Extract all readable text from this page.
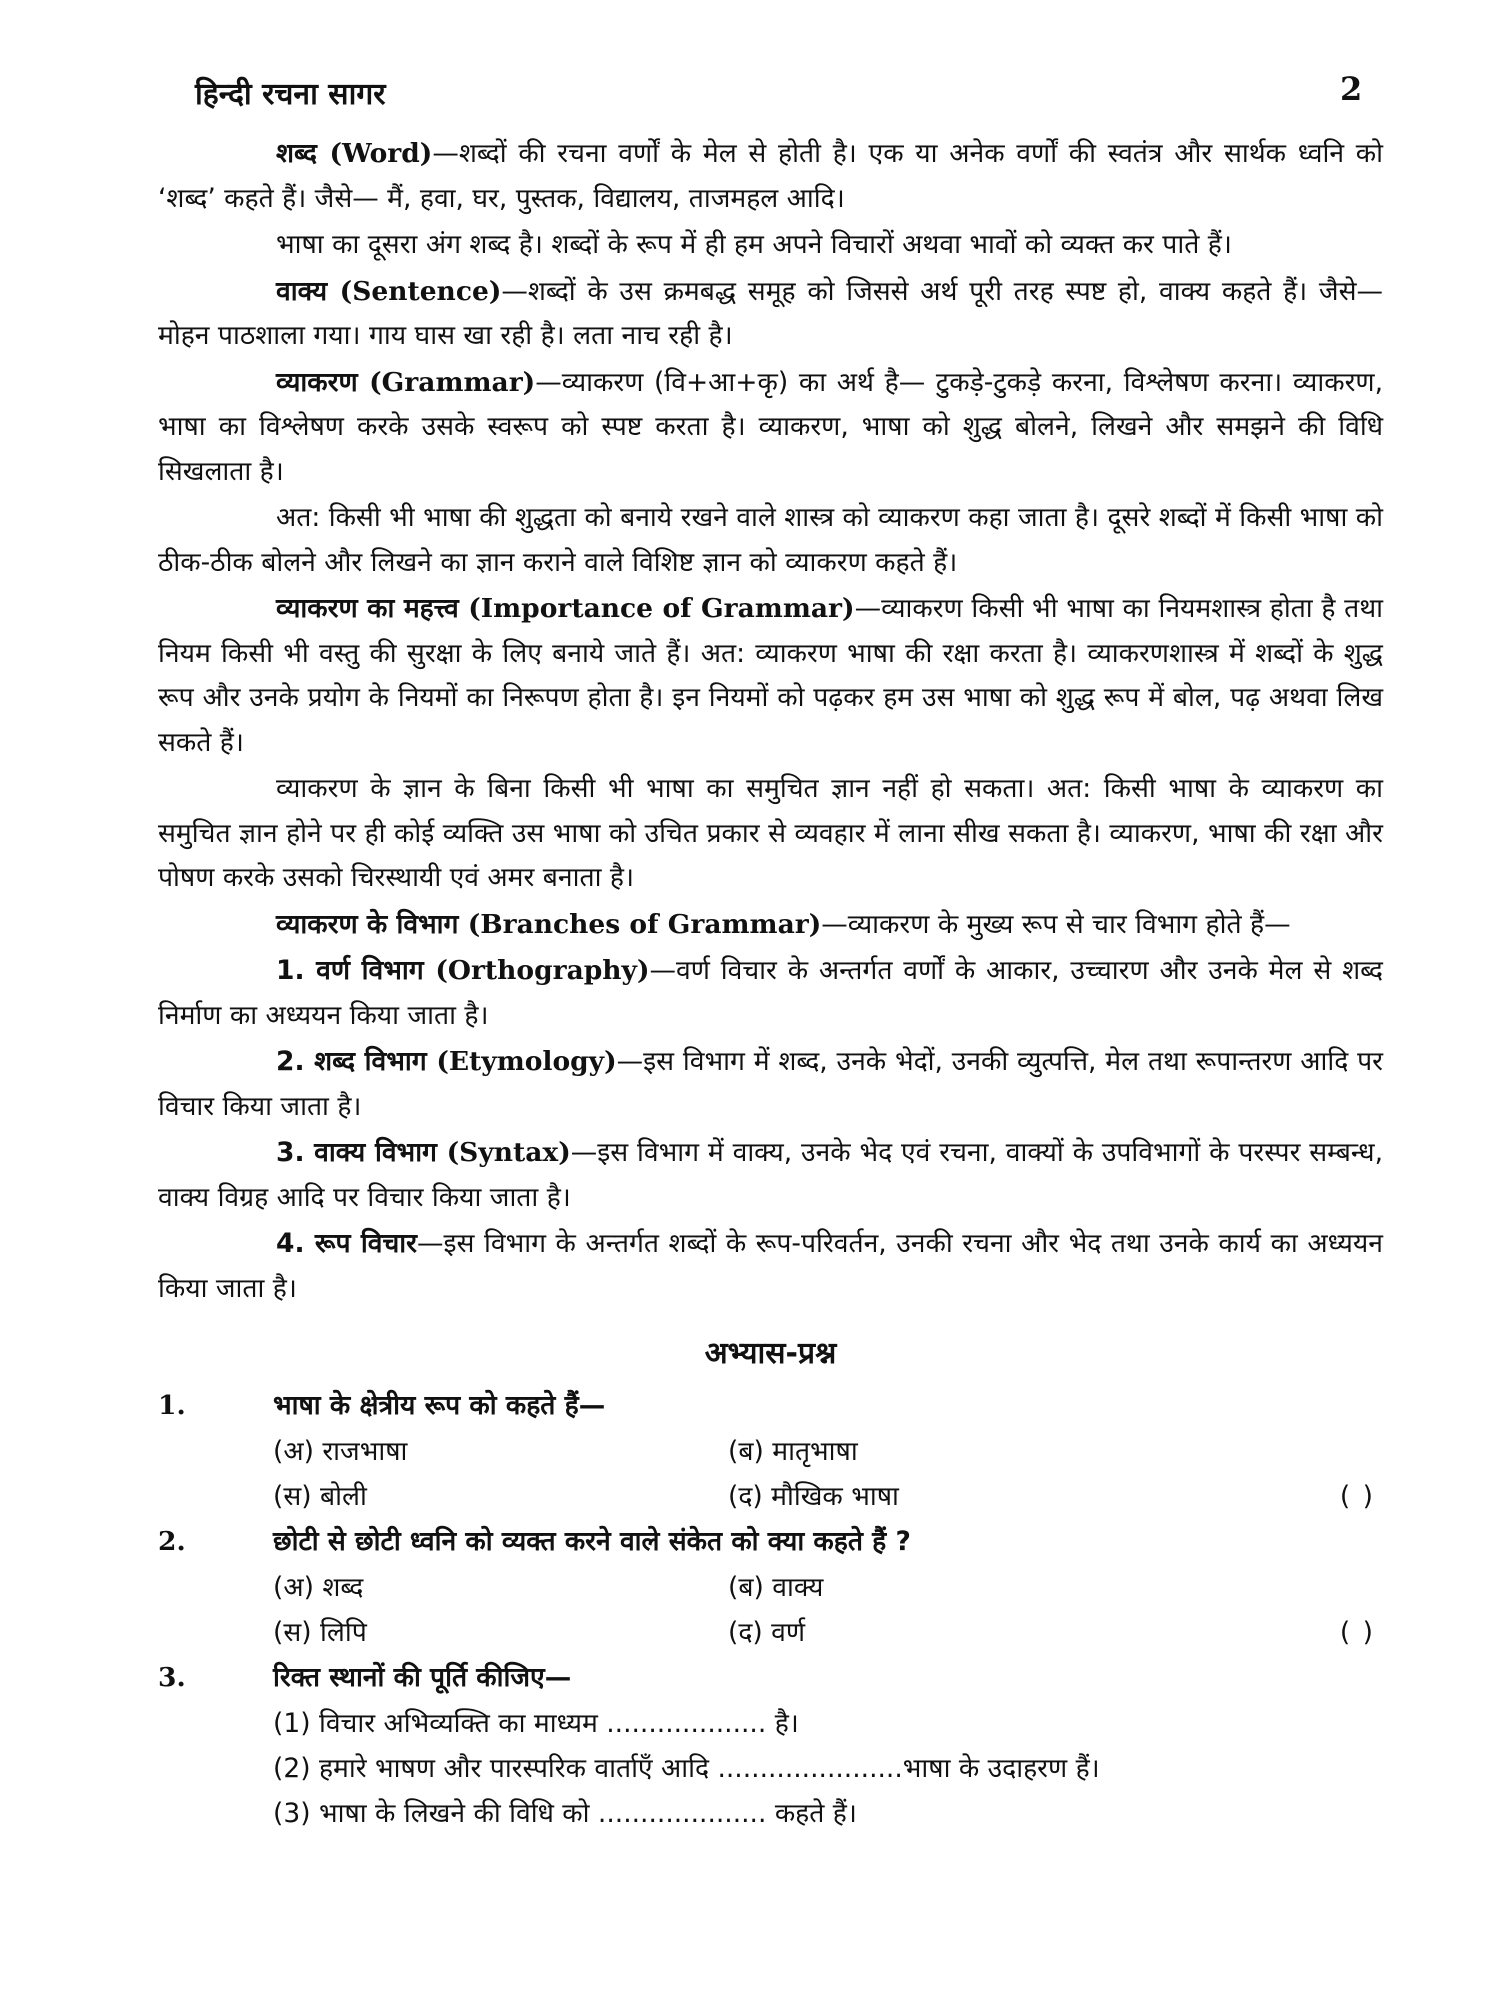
हिन्दी रचना सागर	2

शब्द (Word)—शब्दों की रचना वर्णों के मेल से होती है। एक या अनेक वर्णों की स्वतंत्र और सार्थक ध्वनि को ‘शब्द’ कहते हैं। जैसे— मैं, हवा, घर, पुस्तक, विद्यालय, ताजमहल आदि।

भाषा का दूसरा अंग शब्द है। शब्दों के रूप में ही हम अपने विचारों अथवा भावों को व्यक्त कर पाते हैं।

वाक्य (Sentence)—शब्दों के उस क्रमबद्ध समूह को जिससे अर्थ पूरी तरह स्पष्ट हो, वाक्य कहते हैं। जैसे— मोहन पाठशाला गया। गाय घास खा रही है। लता नाच रही है।

व्याकरण (Grammar)—व्याकरण (वि+आ+कृ) का अर्थ है— टुकड़े-टुकड़े करना, विश्लेषण करना। व्याकरण, भाषा का विश्लेषण करके उसके स्वरूप को स्पष्ट करता है। व्याकरण, भाषा को शुद्ध बोलने, लिखने और समझने की विधि सिखलाता है।

अत: किसी भी भाषा की शुद्धता को बनाये रखने वाले शास्त्र को व्याकरण कहा जाता है। दूसरे शब्दों में किसी भाषा को ठीक-ठीक बोलने और लिखने का ज्ञान कराने वाले विशिष्ट ज्ञान को व्याकरण कहते हैं।

व्याकरण का महत्त्व (Importance of Grammar)—व्याकरण किसी भी भाषा का नियमशास्त्र होता है तथा नियम किसी भी वस्तु की सुरक्षा के लिए बनाये जाते हैं। अत: व्याकरण भाषा की रक्षा करता है। व्याकरणशास्त्र में शब्दों के शुद्ध रूप और उनके प्रयोग के नियमों का निरूपण होता है। इन नियमों को पढ़कर हम उस भाषा को शुद्ध रूप में बोल, पढ़ अथवा लिख सकते हैं।

व्याकरण के ज्ञान के बिना किसी भी भाषा का समुचित ज्ञान नहीं हो सकता। अत: किसी भाषा के व्याकरण का समुचित ज्ञान होने पर ही कोई व्यक्ति उस भाषा को उचित प्रकार से व्यवहार में लाना सीख सकता है। व्याकरण, भाषा की रक्षा और पोषण करके उसको चिरस्थायी एवं अमर बनाता है।

व्याकरण के विभाग (Branches of Grammar)—व्याकरण के मुख्य रूप से चार विभाग होते हैं—

1. वर्ण विभाग (Orthography)—वर्ण विचार के अन्तर्गत वर्णों के आकार, उच्चारण और उनके मेल से शब्द निर्माण का अध्ययन किया जाता है।

2. शब्द विभाग (Etymology)—इस विभाग में शब्द, उनके भेदों, उनकी व्युत्पत्ति, मेल तथा रूपान्तरण आदि पर विचार किया जाता है।

3. वाक्य विभाग (Syntax)—इस विभाग में वाक्य, उनके भेद एवं रचना, वाक्यों के उपविभागों के परस्पर सम्बन्ध, वाक्य विग्रह आदि पर विचार किया जाता है।

4. रूप विचार—इस विभाग के अन्तर्गत शब्दों के रूप-परिवर्तन, उनकी रचना और भेद तथा उनके कार्य का अध्ययन किया जाता है।

अभ्यास-प्रश्न
1.	भाषा के क्षेत्रीय रूप को कहते हैं—
(अ) राजभाषा	(ब) मातृभाषा
(स) बोली	(द) मौखिक भाषा	( )
2.	छोटी से छोटी ध्वनि को व्यक्त करने वाले संकेत को क्या कहते हैं ?
(अ) शब्द	(ब) वाक्य
(स) लिपि	(द) वर्ण	( )
3.	रिक्त स्थानों की पूर्ति कीजिए—
(1) विचार अभिव्यक्ति का माध्यम ................... है।
(2) हमारे भाषण और पारस्परिक वार्ताएँ आदि ......................भाषा के उदाहरण हैं।
(3) भाषा के लिखने की विधि को .................... कहते हैं।
